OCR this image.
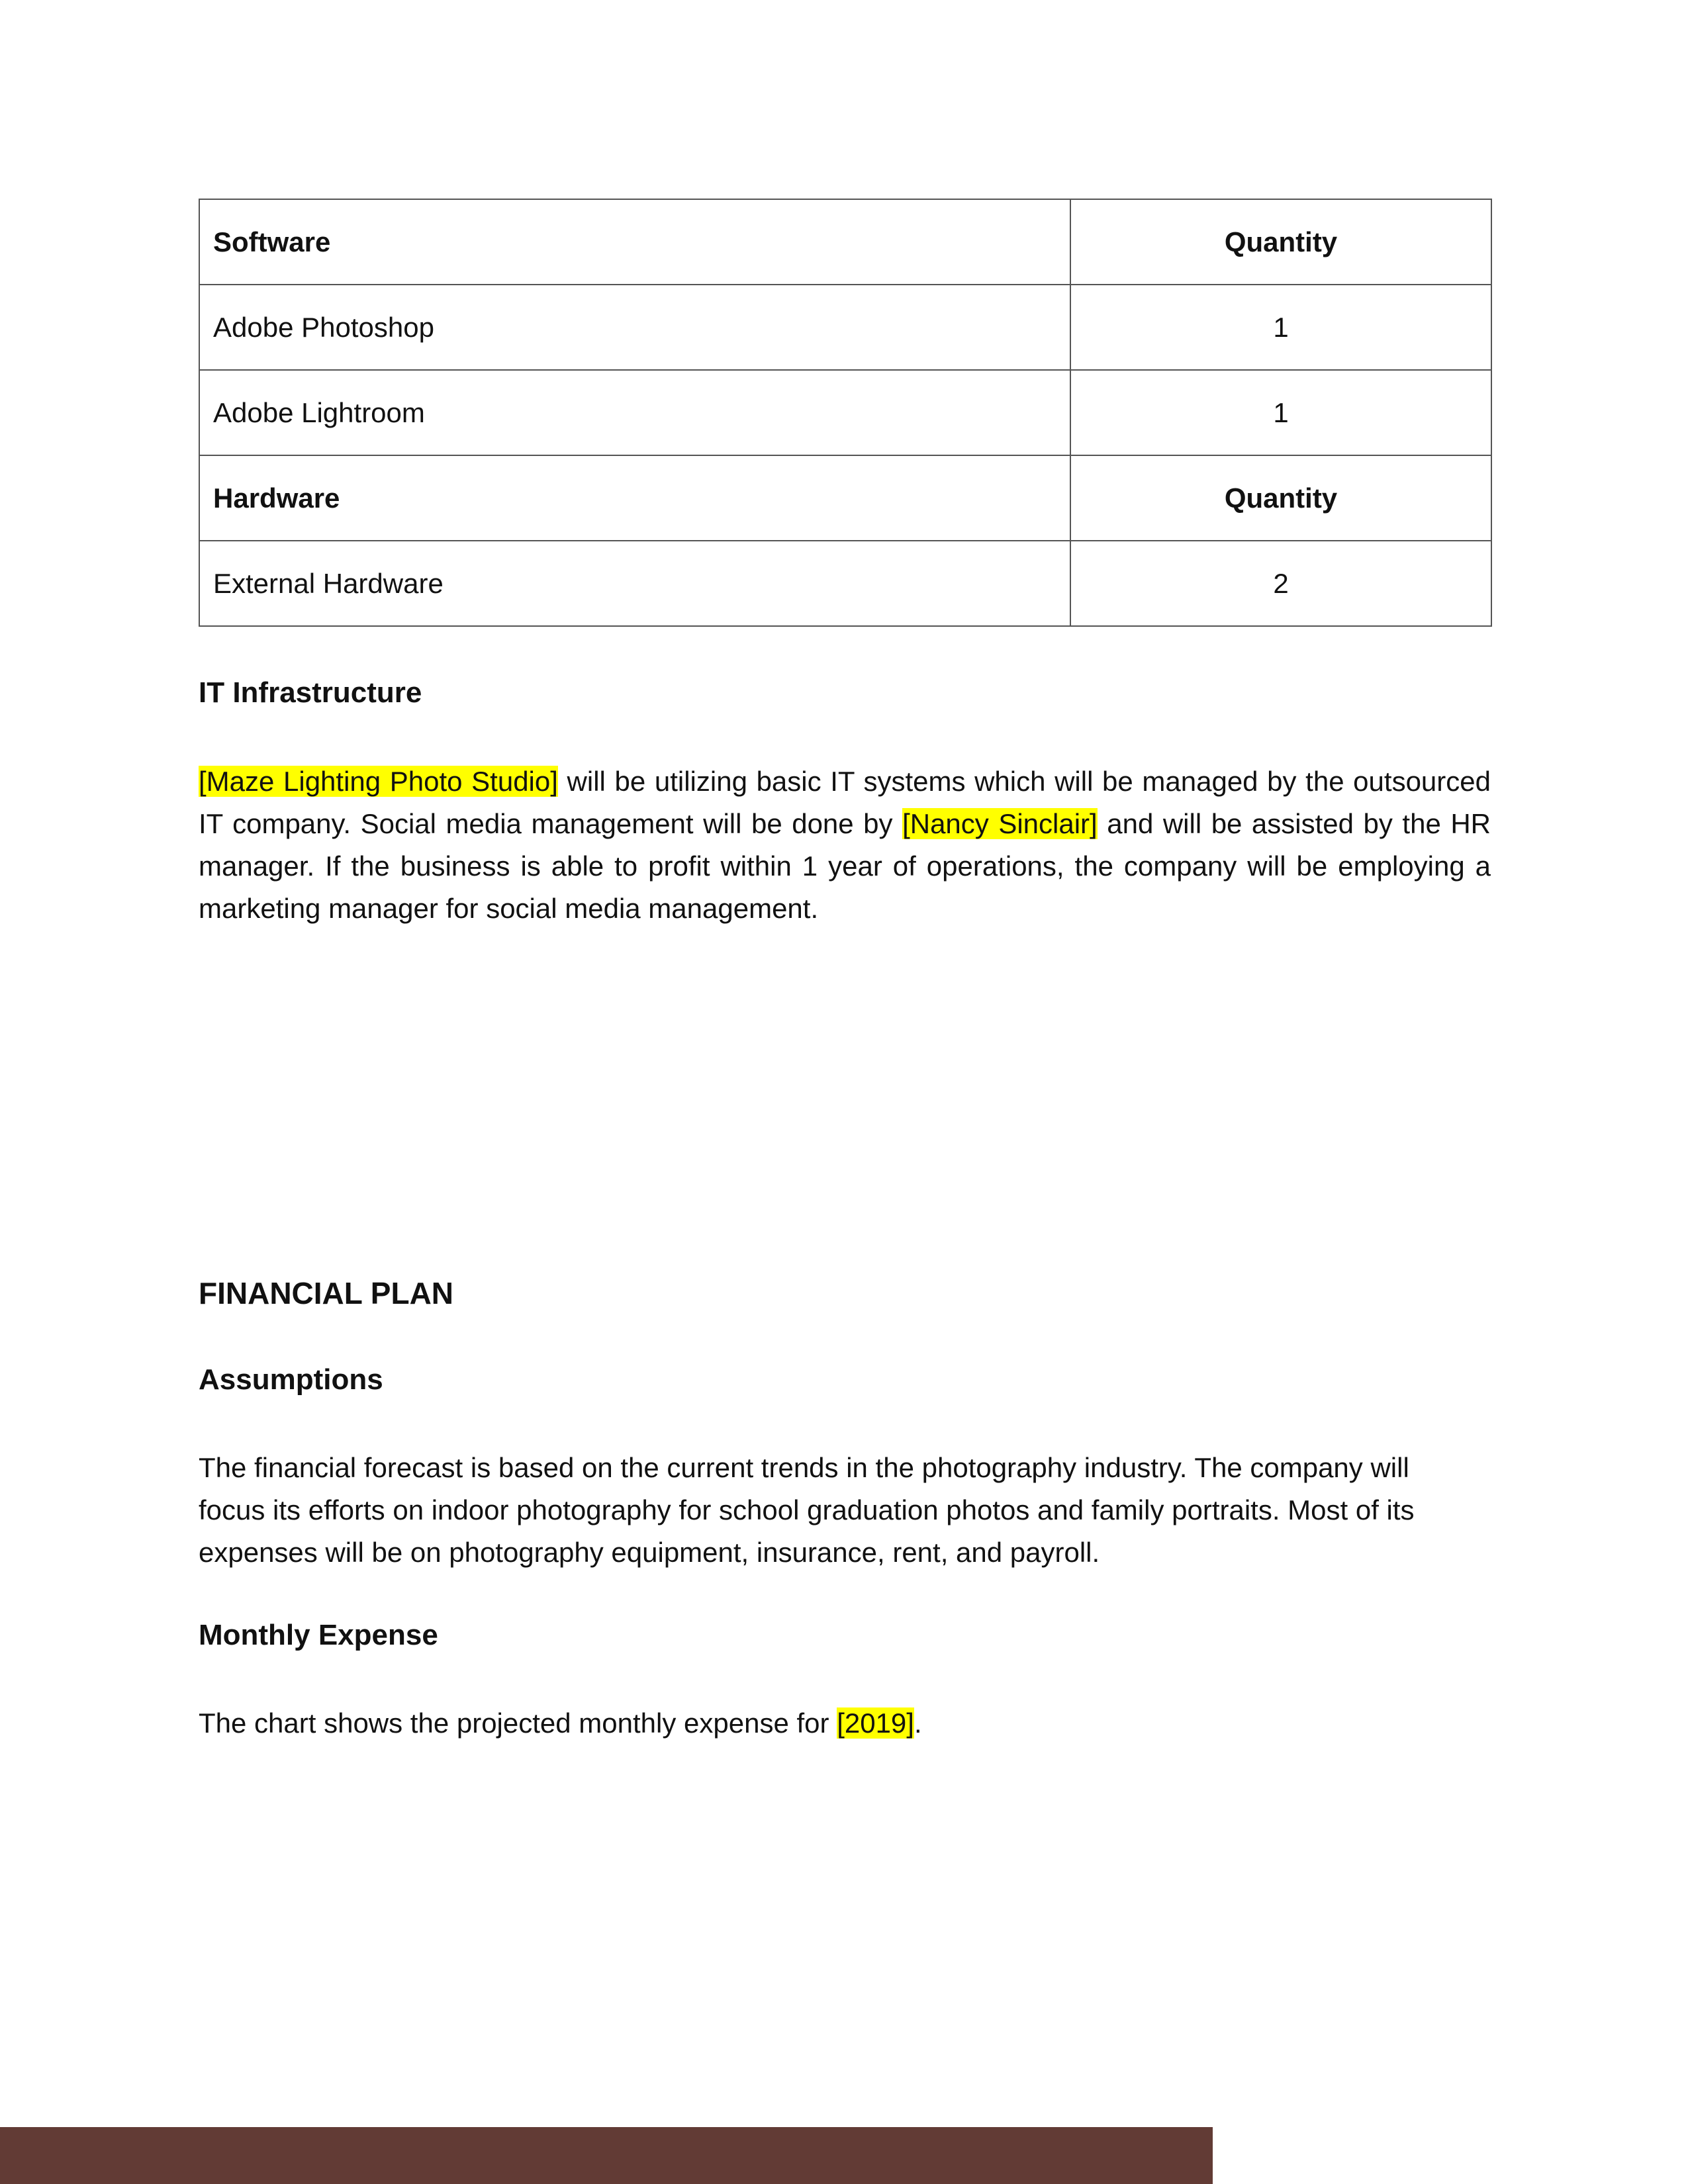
Software	Quantity
Adobe Photoshop	1
Adobe Lightroom	1
Hardware	Quantity
External Hardware	2
IT Infrastructure

[Maze Lighting Photo Studio] will be utilizing basic IT systems which will be managed by the outsourced IT company. Social media management will be done by [Nancy Sinclair] and will be assisted by the HR manager. If the business is able to profit within 1 year of operations, the company will be employing a marketing manager for social media management.

FINANCIAL PLAN
Assumptions

The financial forecast is based on the current trends in the photography industry. The company will focus its efforts on indoor photography for school graduation photos and family portraits. Most of its expenses will be on photography equipment, insurance, rent, and payroll.

Monthly Expense

The chart shows the projected monthly expense for [2019].
